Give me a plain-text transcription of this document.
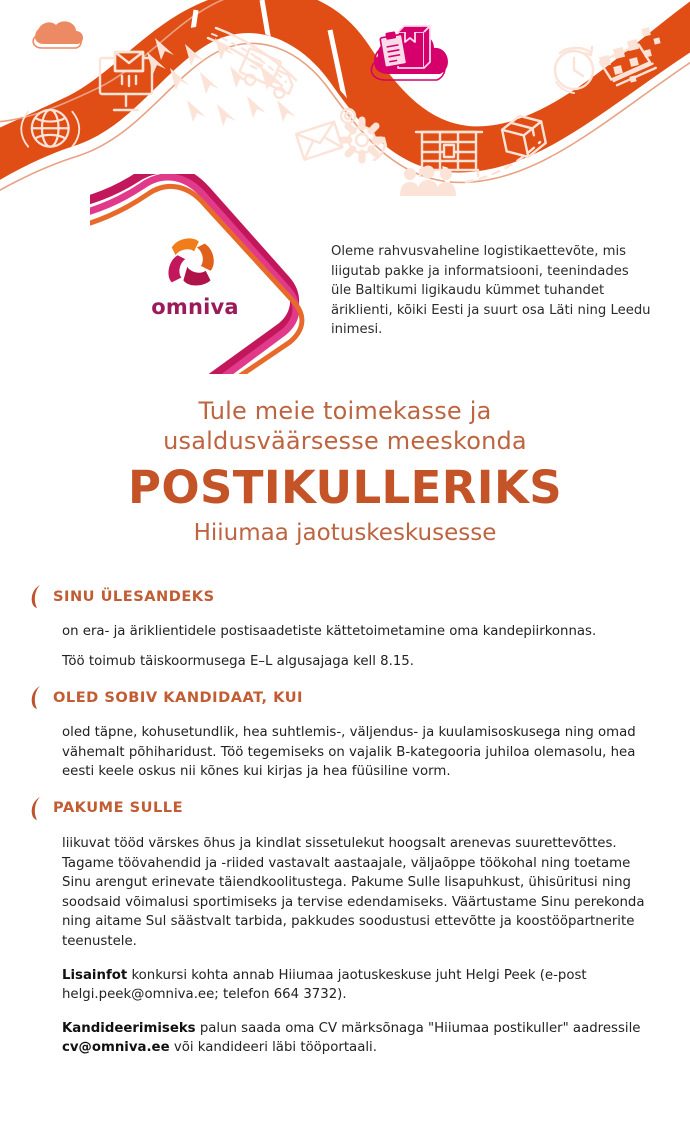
omniva
Oleme rahvusvaheline logistikaettevõte, mis liigutab pakke ja informatsiooni, teenindades üle Baltikumi ligikaudu kümmet tuhandet äriklienti, kõiki Eesti ja suurt osa Läti ning Leedu inimesi.
Tule meie toimekasse ja
usaldusväärsesse meeskonda
POSTIKULLERIKS
Hiiumaa jaotuskeskusesse
SINU ÜLESANDEKS

on era- ja äriklientidele postisaadetiste kättetoimetamine oma kandepiirkonnas.

Töö toimub täiskoormusega E–L algusajaga kell 8.15.

OLED SOBIV KANDIDAAT, KUI

oled täpne, kohusetundlik, hea suhtlemis-, väljendus- ja kuulamisoskusega ning omad vähemalt põhiharidust. Töö tegemiseks on vajalik B-kategooria juhiloa olemasolu, hea eesti keele oskus nii kõnes kui kirjas ja hea füüsiline vorm.

PAKUME SULLE

liikuvat tööd värskes õhus ja kindlat sissetulekut hoogsalt arenevas suurettevõttes. Tagame töövahendid ja -riided vastavalt aastaajale, väljaõppe töökohal ning toetame Sinu arengut erinevate täiendkoolitustega. Pakume Sulle lisapuhkust, ühisüritusi ning soodsaid võimalusi sportimiseks ja tervise edendamiseks. Väärtustame Sinu perekonda ning aitame Sul säästvalt tarbida, pakkudes soodustusi ettevõtte ja koostööpartnerite teenustele.

Lisainfot konkursi kohta annab Hiiumaa jaotuskeskuse juht Helgi Peek (e-post helgi.peek@omniva.ee; telefon 664 3732).

Kandideerimiseks palun saada oma CV märksõnaga "Hiiumaa postikuller" aadressile cv@omniva.ee või kandideeri läbi tööportaali.
